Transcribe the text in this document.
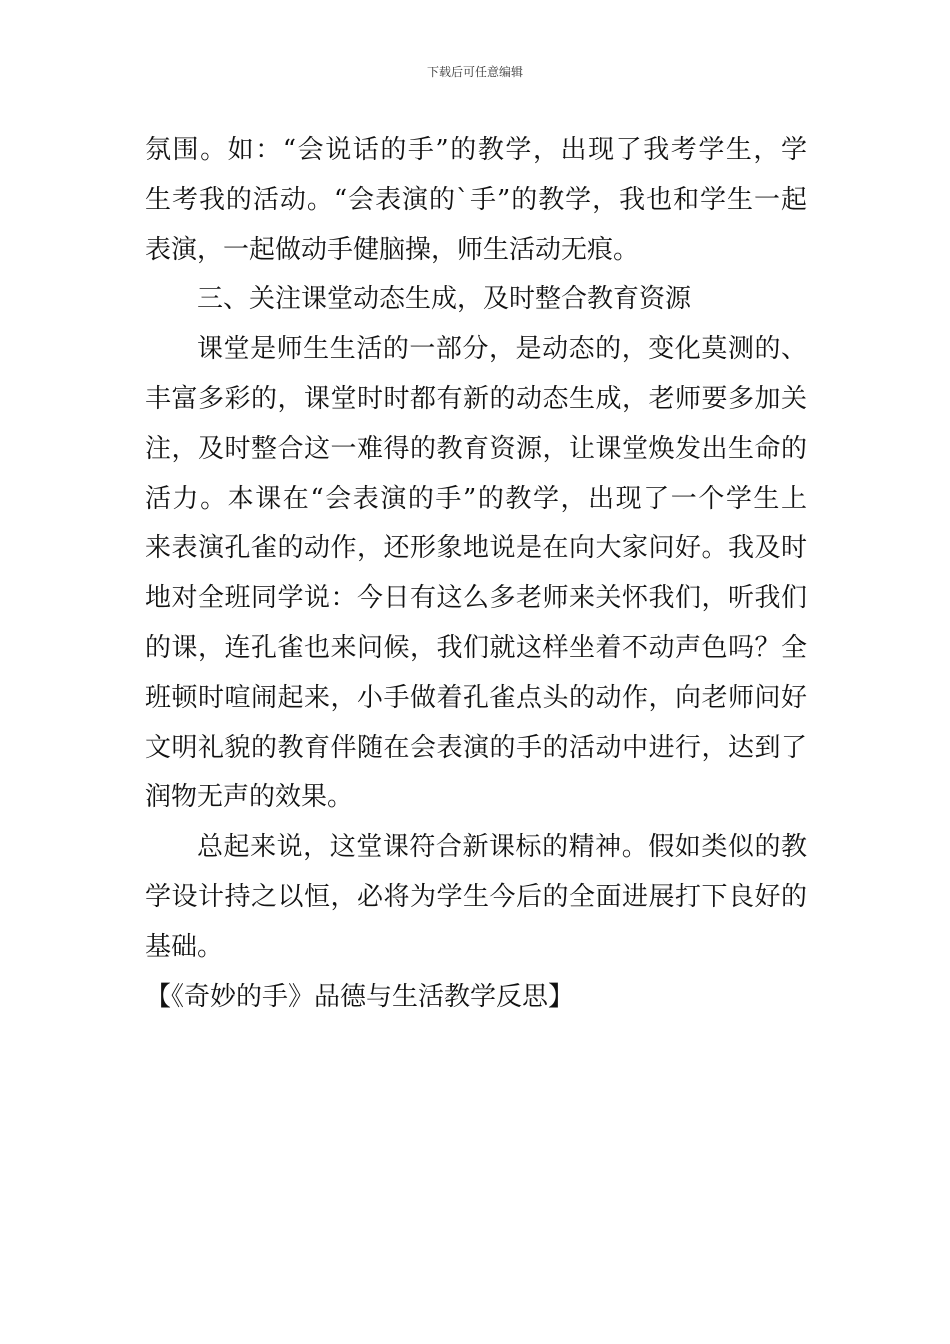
下载后可任意编辑
氛围。如：“会说话的手”的教学，出现了我考学生，学
生考我的活动。“会表演的`手”的教学，我也和学生一起
表演，一起做动手健脑操，师生活动无痕。
三、关注课堂动态生成，及时整合教育资源
课堂是师生生活的一部分，是动态的，变化莫测的、
丰富多彩的，课堂时时都有新的动态生成，老师要多加关
注，及时整合这一难得的教育资源，让课堂焕发出生命的
活力。本课在“会表演的手”的教学，出现了一个学生上
来表演孔雀的动作，还形象地说是在向大家问好。我及时
地对全班同学说：今日有这么多老师来关怀我们，听我们
的课，连孔雀也来问候，我们就这样坐着不动声色吗？全
班顿时喧闹起来，小手做着孔雀点头的动作，向老师问好
文明礼貌的教育伴随在会表演的手的活动中进行，达到了
润物无声的效果。
总起来说，这堂课符合新课标的精神。假如类似的教
学设计持之以恒，必将为学生今后的全面进展打下良好的
基础。
【《奇妙的手》品德与生活教学反思】
